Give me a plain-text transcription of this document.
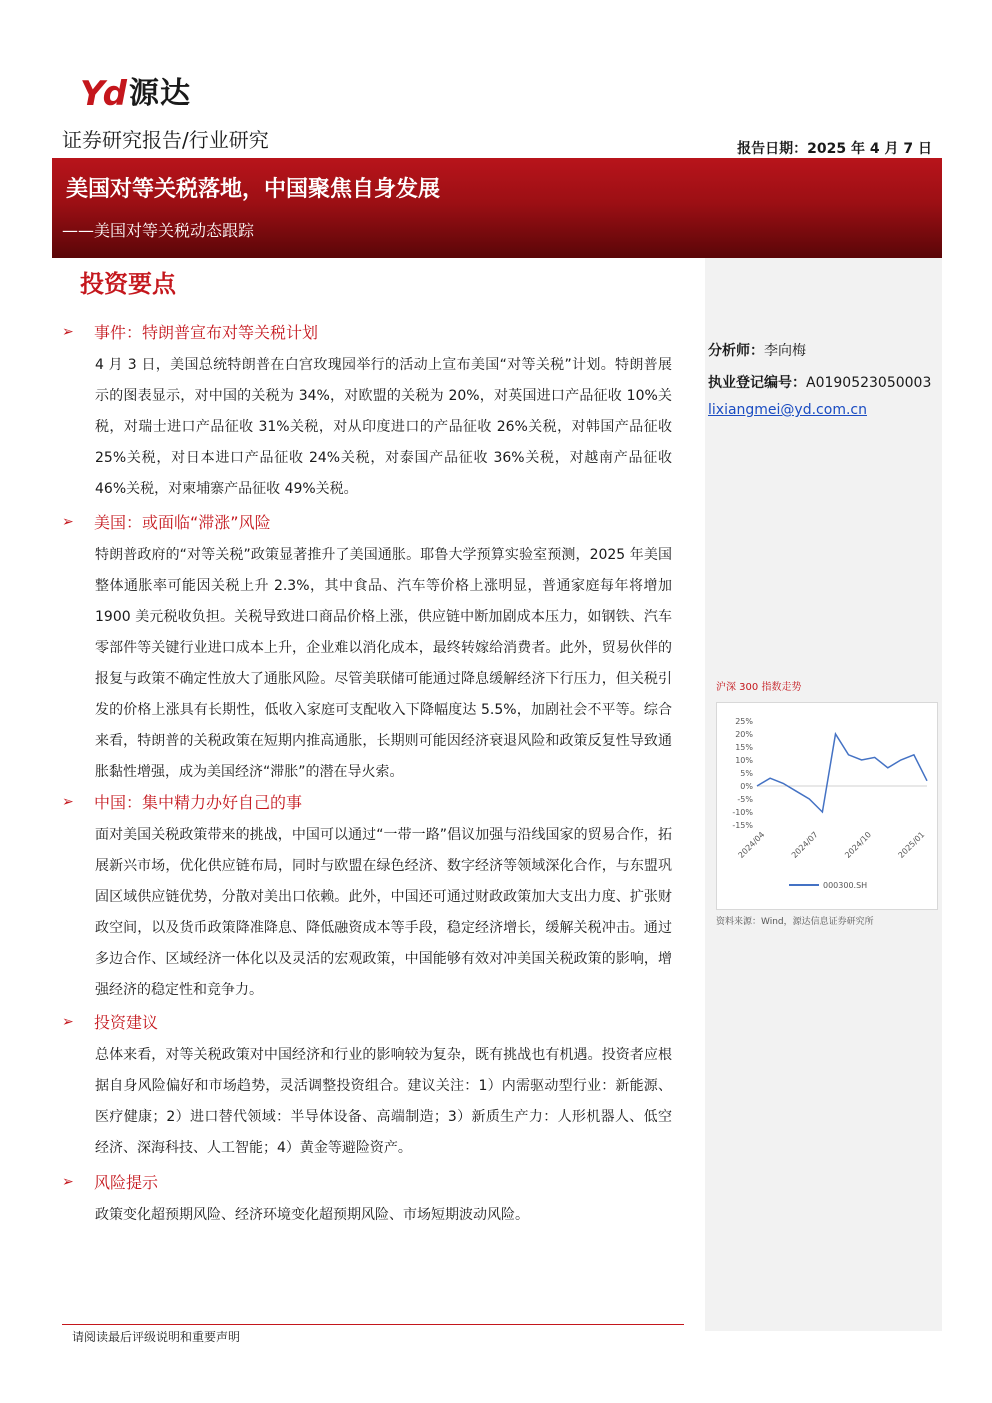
Yd 源达
证券研究报告/行业研究	报告日期：2025 年 4 月 7 日
美国对等关税落地，中国聚焦自身发展
——美国对等关税动态跟踪
分析师：李向梅
执业登记编号：A0190523050003
lixiangmei@yd.com.cn
沪深 300 指数走势
25%
20%
15%
10%
5%
0%
-5%
-10%
-15%
2024/04	2024/07	2024/10	2025/01
000300.SH
资料来源：Wind，源达信息证券研究所
投资要点
➢	事件：特朗普宣布对等关税计划
4 月 3 日，美国总统特朗普在白宫玫瑰园举行的活动上宣布美国“对等关税”计划。特朗普展示的图表显示，对中国的关税为 34%，对欧盟的关税为 20%，对英国进口产品征收 10%关税，对瑞士进口产品征收 31%关税，对从印度进口的产品征收 26%关税，对韩国产品征收 25%关税，对日本进口产品征收 24%关税，对泰国产品征收 36%关税，对越南产品征收 46%关税，对柬埔寨产品征收 49%关税。
➢	美国：或面临“滞涨”风险
特朗普政府的“对等关税”政策显著推升了美国通胀。耶鲁大学预算实验室预测，2025 年美国整体通胀率可能因关税上升 2.3%，其中食品、汽车等价格上涨明显，普通家庭每年将增加 1900 美元税收负担。关税导致进口商品价格上涨，供应链中断加剧成本压力，如钢铁、汽车零部件等关键行业进口成本上升，企业难以消化成本，最终转嫁给消费者。此外，贸易伙伴的报复与政策不确定性放大了通胀风险。尽管美联储可能通过降息缓解经济下行压力，但关税引发的价格上涨具有长期性，低收入家庭可支配收入下降幅度达 5.5%，加剧社会不平等。综合来看，特朗普的关税政策在短期内推高通胀，长期则可能因经济衰退风险和政策反复性导致通胀黏性增强，成为美国经济“滞胀”的潜在导火索。
➢	中国：集中精力办好自己的事
面对美国关税政策带来的挑战，中国可以通过“一带一路”倡议加强与沿线国家的贸易合作，拓展新兴市场，优化供应链布局，同时与欧盟在绿色经济、数字经济等领域深化合作，与东盟巩固区域供应链优势，分散对美出口依赖。此外，中国还可通过财政政策加大支出力度、扩张财政空间，以及货币政策降准降息、降低融资成本等手段，稳定经济增长，缓解关税冲击。通过多边合作、区域经济一体化以及灵活的宏观政策，中国能够有效对冲美国关税政策的影响，增强经济的稳定性和竞争力。
➢	投资建议
总体来看，对等关税政策对中国经济和行业的影响较为复杂，既有挑战也有机遇。投资者应根据自身风险偏好和市场趋势，灵活调整投资组合。建议关注：1）内需驱动型行业：新能源、医疗健康；2）进口替代领域：半导体设备、高端制造；3）新质生产力：人形机器人、低空经济、深海科技、人工智能；4）黄金等避险资产。
➢	风险提示
政策变化超预期风险、经济环境变化超预期风险、市场短期波动风险。
请阅读最后评级说明和重要声明
